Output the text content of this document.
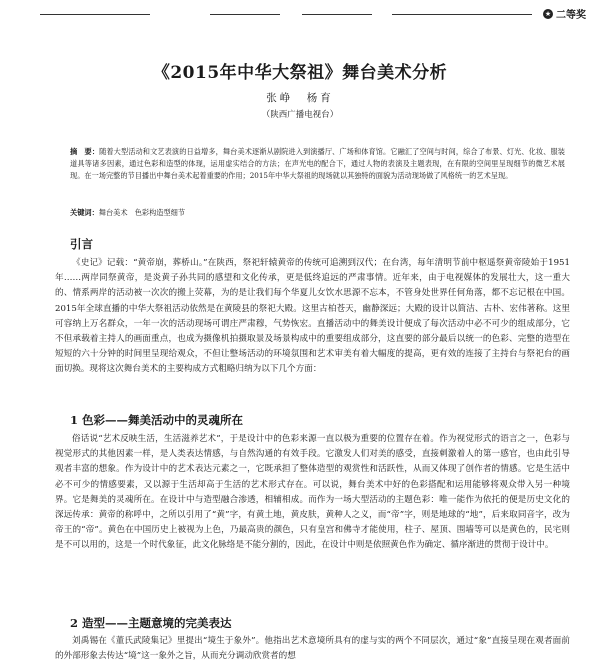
★ 二等奖
《2015年中华大祭祖》舞台美术分析
张峥　杨育
（陕西广播电视台）
摘　要：随着大型活动和文艺表演的日益增多，舞台美术逐渐从剧院进入到演播厅、广场和体育馆。它融汇了空间与时间，综合了布景、灯光、化妆、服装道具等诸多因素，通过色彩和造型的体现，运用虚实结合的方法；在声光电的配合下，通过人物的表演及主题表现，在有限的空间里呈现细节的微艺术展现。在一场完整的节目播出中舞台美术起着重要的作用；2015年中华大祭祖的现场就以其独特的面貌为活动现场做了风格统一的艺术呈现。
关键词：舞台美术　色彩构造型细节
引言
《史记》记载：“黄帝崩，葬桥山。”在陕西，祭祀轩辕黄帝的传统可追溯到汉代；在台湾，每年清明节前中枢遥祭黄帝陵始于1951年……两岸同祭黄帝，是炎黄子孙共同的感望和文化传承，更是低终追远的严肃事情。近年来，由于电视媒体的发展壮大，这一重大的、情系两岸的活动被一次次的搬上荧幕，为的是让我们每个华夏儿女饮水思源不忘本，不管身处世界任何角落，都不忘记根在中国。2015年全球直播的中华大祭祖活动依然是在黄陵县的祭祀大殿。这里古柏苍天，幽静深远；大殿的设计以简洁、古朴、宏伟著称。这里可容纳上万名群众，一年一次的活动现场可谓庄严肃穆，气势恢宏。直播活动中的舞美设计便成了每次活动中必不可少的组成部分，它不但承载着主持人的画面重点，也成为摄像机拍摄取景及场景构成中的重要组成部分，这直要的部分最后以统一的色彩、完整的造型在短短的六十分钟的时间里呈现给观众，不但让整场活动的环境氛围和艺术审美有着大幅度的提高，更有效的连接了主持台与祭祀台的画面切换。现将这次舞台美术的主要构成方式粗略归纳为以下几个方面：
1 色彩——舞美活动中的灵魂所在
俗话说“艺术反映生活，生活滋养艺术”，于是设计中的色彩来源一直以极为重要的位置存在着。作为视觉形式的语言之一，色彩与视觉形式的其他因素一样，是人类表达情感，与自然沟通的有效手段。它激发人们对美的感受，直接刺激着人的第一感官，也由此引导观者丰富的想象。作为设计中的艺术表达元素之一，它既承担了整体造型的观赏性和活跃性，从而又体现了创作者的情感。它是生活中必不可少的情感要素，又以源于生活却高于生活的艺术形式存在。可以说，舞台美术中好的色彩搭配和运用能够将观众带入另一种境界。它是舞美的灵魂所在。在设计中与造型融合渗透，相辅相成。而作为一场大型活动的主题色彩：唯一能作为依托的便是历史文化的深远传承：黄帝的称呼中，之所以引用了“黄”字，有黄土地，黄皮肤，黄种人之义，而“帝”字，则是地球的“地”，后来取同音字，改为帝王的“帝”。黄色在中国历史上被视为上色，乃最高贵的颜色，只有皇宫和佛寺才能使用，柱子、屋顶、围墙等可以是黄色的，民宅则是不可以用的，这是一个时代象征，此文化脉络是不能分割的，因此，在设计中则是依照黄色作为确定、循序渐进的贯彻于设计中。
2 造型——主题意境的完美表达
刘禹锡在《董氏武陵集记》里提出“境生于象外”。他指出艺术意境所具有的虚与实的两个不同层次，通过“象”直接呈现在观者面前的外部形象去传达“境”这一象外之旨，从而充分调动欣赏者的想
